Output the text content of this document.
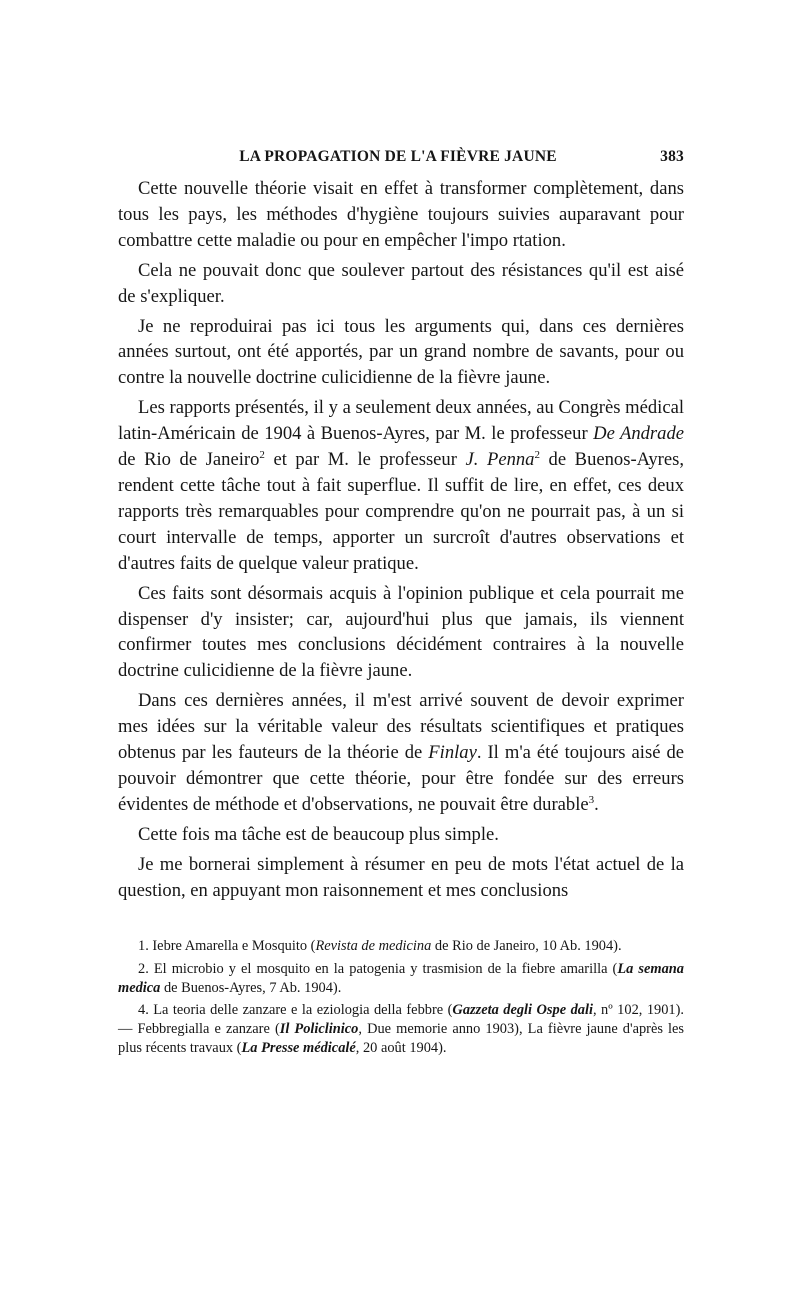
LA PROPAGATION DE L'A FIÈVRE JAUNE	383

Cette nouvelle théorie visait en effet à transformer complètement, dans tous les pays, les méthodes d'hygiène toujours suivies auparavant pour combattre cette maladie ou pour en empêcher l'impo rtation.

Cela ne pouvait donc que soulever partout des résistances qu'il est aisé de s'expliquer.

Je ne reproduirai pas ici tous les arguments qui, dans ces dernières années surtout, ont été apportés, par un grand nombre de savants, pour ou contre la nouvelle doctrine culicidienne de la fièvre jaune.

Les rapports présentés, il y a seulement deux années, au Congrès médical latin-Américain de 1904 à Buenos-Ayres, par M. le professeur De Andrade de Rio de Janeiro$^2$ et par M. le professeur J. Penna$^2$ de Buenos-Ayres, rendent cette tâche tout à fait superflue. Il suffit de lire, en effet, ces deux rapports très remarquables pour comprendre qu'on ne pourrait pas, à un si court intervalle de temps, apporter un surcroît d'autres observations et d'autres faits de quelque valeur pratique.

Ces faits sont désormais acquis à l'opinion publique et cela pourrait me dispenser d'y insister; car, aujourd'hui plus que jamais, ils viennent confirmer toutes mes conclusions décidément contraires à la nouvelle doctrine culicidienne de la fièvre jaune.

Dans ces dernières années, il m'est arrivé souvent de devoir exprimer mes idées sur la véritable valeur des résultats scientifiques et pratiques obtenus par les fauteurs de la théorie de Finlay. Il m'a été toujours aisé de pouvoir démontrer que cette théorie, pour être fondée sur des erreurs évidentes de méthode et d'observations, ne pouvait être durable$^3$.

Cette fois ma tâche est de beaucoup plus simple.

Je me bornerai simplement à résumer en peu de mots l'état actuel de la question, en appuyant mon raisonnement et mes conclusions

1. Iebre Amarella e Mosquito (Revista de medicina de Rio de Janeiro, 10 Ab. 1904).

2. El microbio y el mosquito en la patogenia y trasmision de la fiebre amarilla (La semana medica de Buenos-Ayres, 7 Ab. 1904).

4. La teoria delle zanzare e la eziologia della febbre (Gazzeta degli Ospe dali, nº 102, 1901). — Febbregialla e zanzare (Il Policlinico, Due memorie anno 1903), La fièvre jaune d'après les plus récents travaux (La Presse médicalé, 20 août 1904).
